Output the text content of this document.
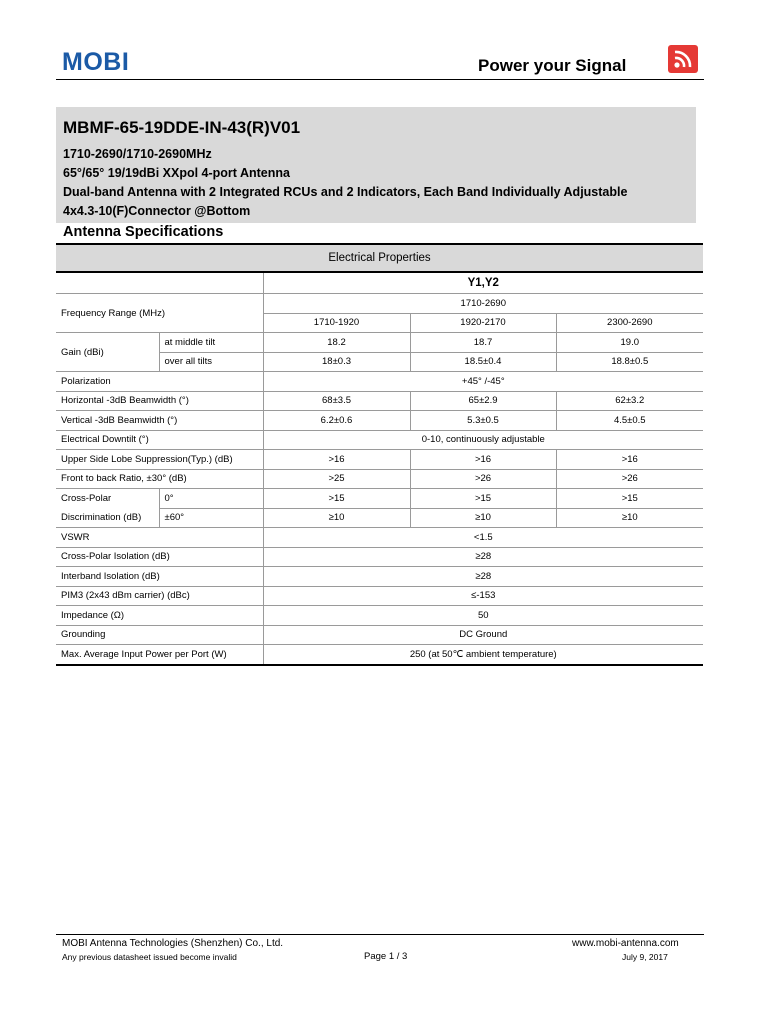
MOBI	Power your Signal
MBMF-65-19DDE-IN-43(R)V01
1710-2690/1710-2690MHz
65°/65° 19/19dBi XXpol 4-port Antenna
Dual-band Antenna with 2 Integrated RCUs and 2 Indicators, Each Band Individually Adjustable
4x4.3-10(F)Connector @Bottom
Antenna Specifications
Electrical Properties				
		Y1,Y2		
Frequency Range (MHz)		1710-2690		
		1710-1920	1920-2170	2300-2690
Gain (dBi)	at middle tilt	18.2	18.7	19.0
	over all tilts	18±0.3	18.5±0.4	18.8±0.5
Polarization		+45° /-45°		
Horizontal -3dB Beamwidth (°)		68±3.5	65±2.9	62±3.2
Vertical -3dB Beamwidth (°)		6.2±0.6	5.3±0.5	4.5±0.5
Electrical Downtilt (°)		0-10, continuously adjustable		
Upper Side Lobe Suppression(Typ.) (dB)		>16	>16	>16
Front to back Ratio, ±30° (dB)		>25	>26	>26
Cross-Polar	0°	>15	>15	>15
Discrimination (dB)	±60°	≥10	≥10	≥10
VSWR		<1.5		
Cross-Polar Isolation (dB)		≥28		
Interband Isolation (dB)		≥28		
PIM3 (2x43 dBm carrier) (dBc)		≤-153		
Impedance (Ω)		50		
Grounding		DC Ground		
Max. Average Input Power per Port (W)		250 (at 50℃ ambient temperature)		
MOBI Antenna Technologies (Shenzhen) Co., Ltd.	www.mobi-antenna.com
Any previous datasheet issued become invalid	Page 1 / 3	July 9, 2017
